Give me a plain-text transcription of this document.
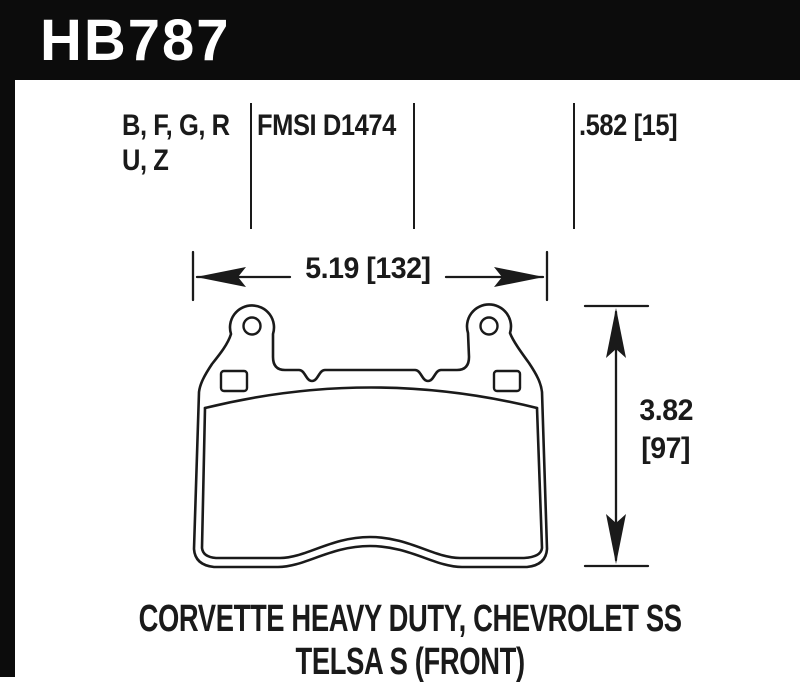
HB787
B, F, G, R
U, Z
FMSI D1474	.582 [15]
5.19 [132]
3.82
[97]
CORVETTE HEAVY DUTY, CHEVROLET SS
TELSA S (FRONT)
